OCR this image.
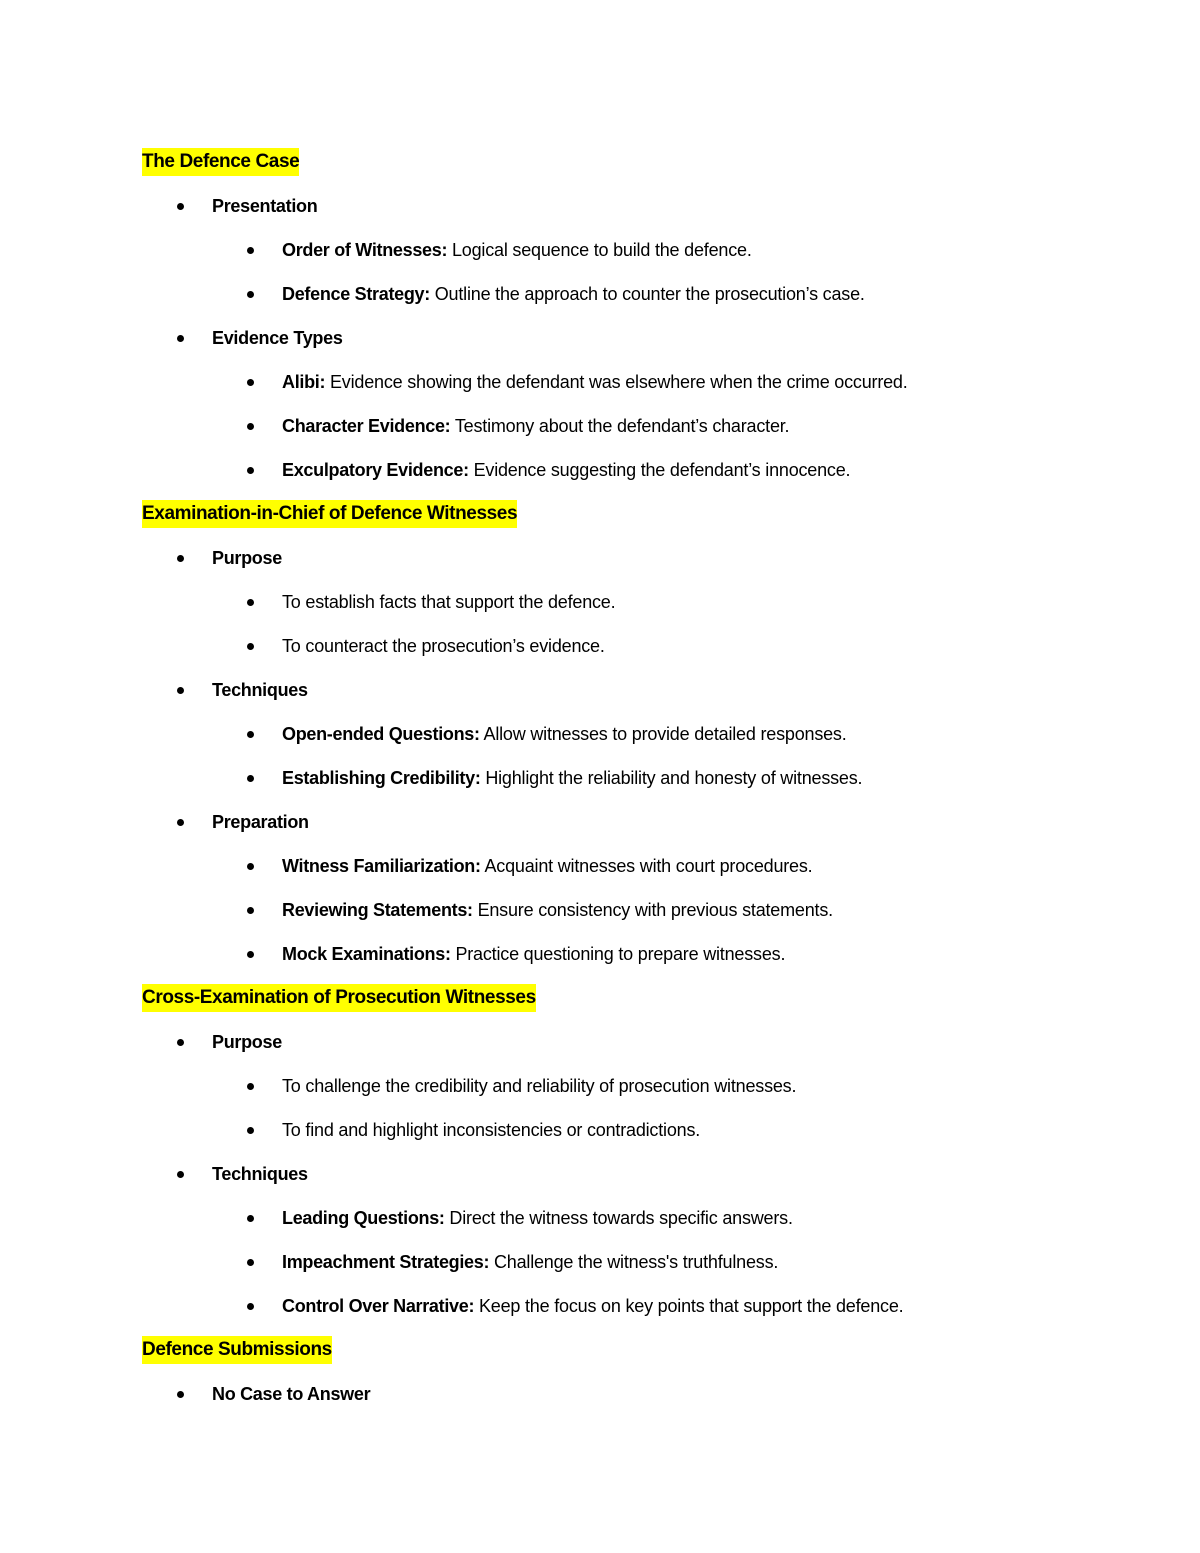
The Defence Case
Presentation
Order of Witnesses: Logical sequence to build the defence.
Defence Strategy: Outline the approach to counter the prosecution’s case.
Evidence Types
Alibi: Evidence showing the defendant was elsewhere when the crime occurred.
Character Evidence: Testimony about the defendant’s character.
Exculpatory Evidence: Evidence suggesting the defendant’s innocence.
Examination-in-Chief of Defence Witnesses
Purpose
To establish facts that support the defence.
To counteract the prosecution’s evidence.
Techniques
Open-ended Questions: Allow witnesses to provide detailed responses.
Establishing Credibility: Highlight the reliability and honesty of witnesses.
Preparation
Witness Familiarization: Acquaint witnesses with court procedures.
Reviewing Statements: Ensure consistency with previous statements.
Mock Examinations: Practice questioning to prepare witnesses.
Cross-Examination of Prosecution Witnesses
Purpose
To challenge the credibility and reliability of prosecution witnesses.
To find and highlight inconsistencies or contradictions.
Techniques
Leading Questions: Direct the witness towards specific answers.
Impeachment Strategies: Challenge the witness's truthfulness.
Control Over Narrative: Keep the focus on key points that support the defence.
Defence Submissions
No Case to Answer
